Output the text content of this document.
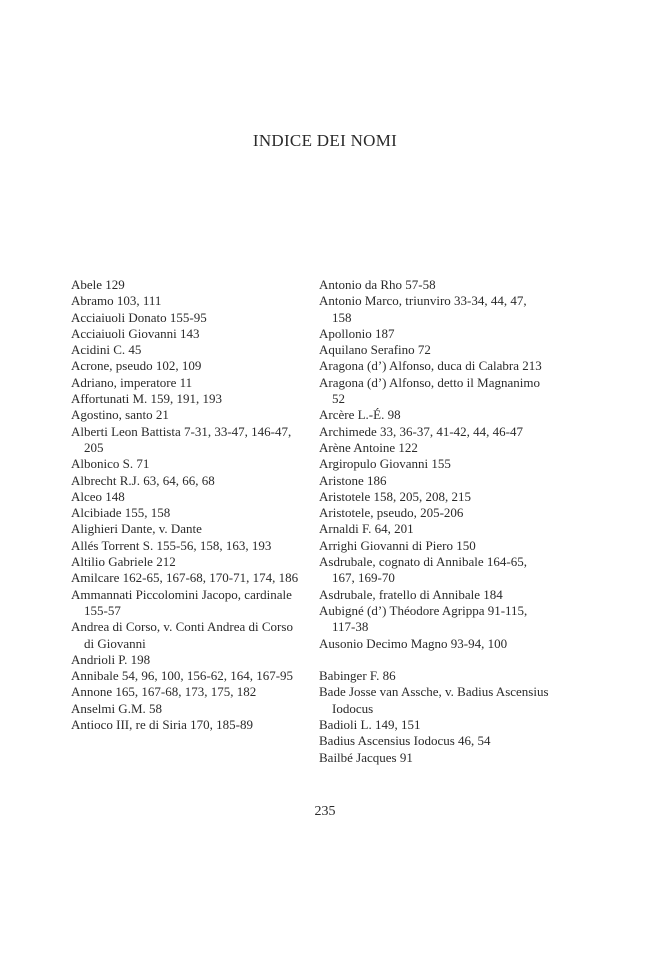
INDICE DEI NOMI
Abele 129
Abramo 103, 111
Acciaiuoli Donato 155-95
Acciaiuoli Giovanni 143
Acidini C. 45
Acrone, pseudo 102, 109
Adriano, imperatore 11
Affortunati M. 159, 191, 193
Agostino, santo 21
Alberti Leon Battista 7-31, 33-47, 146-47, 205
Albonico S. 71
Albrecht R.J. 63, 64, 66, 68
Alceo 148
Alcibiade 155, 158
Alighieri Dante, v. Dante
Allés Torrent S. 155-56, 158, 163, 193
Altilio Gabriele 212
Amilcare 162-65, 167-68, 170-71, 174, 186
Ammannati Piccolomini Jacopo, cardinale 155-57
Andrea di Corso, v. Conti Andrea di Corso di Giovanni
Andrioli P. 198
Annibale 54, 96, 100, 156-62, 164, 167-95
Annone 165, 167-68, 173, 175, 182
Anselmi G.M. 58
Antioco III, re di Siria 170, 185-89
Antonio da Rho 57-58
Antonio Marco, triunviro 33-34, 44, 47, 158
Apollonio 187
Aquilano Serafino 72
Aragona (d’) Alfonso, duca di Calabra 213
Aragona (d’) Alfonso, detto il Magnanimo 52
Arcère L.-É. 98
Archimede 33, 36-37, 41-42, 44, 46-47
Arène Antoine 122
Argiropulo Giovanni 155
Aristone 186
Aristotele 158, 205, 208, 215
Aristotele, pseudo, 205-206
Arnaldi F. 64, 201
Arrighi Giovanni di Piero 150
Asdrubale, cognato di Annibale 164-65, 167, 169-70
Asdrubale, fratello di Annibale 184
Aubigné (d’) Théodore Agrippa 91-115, 117-38
Ausonio Decimo Magno 93-94, 100
Babinger F. 86
Bade Josse van Assche, v. Badius Ascensius Iodocus
Badioli L. 149, 151
Badius Ascensius Iodocus 46, 54
Bailbé Jacques 91
235
